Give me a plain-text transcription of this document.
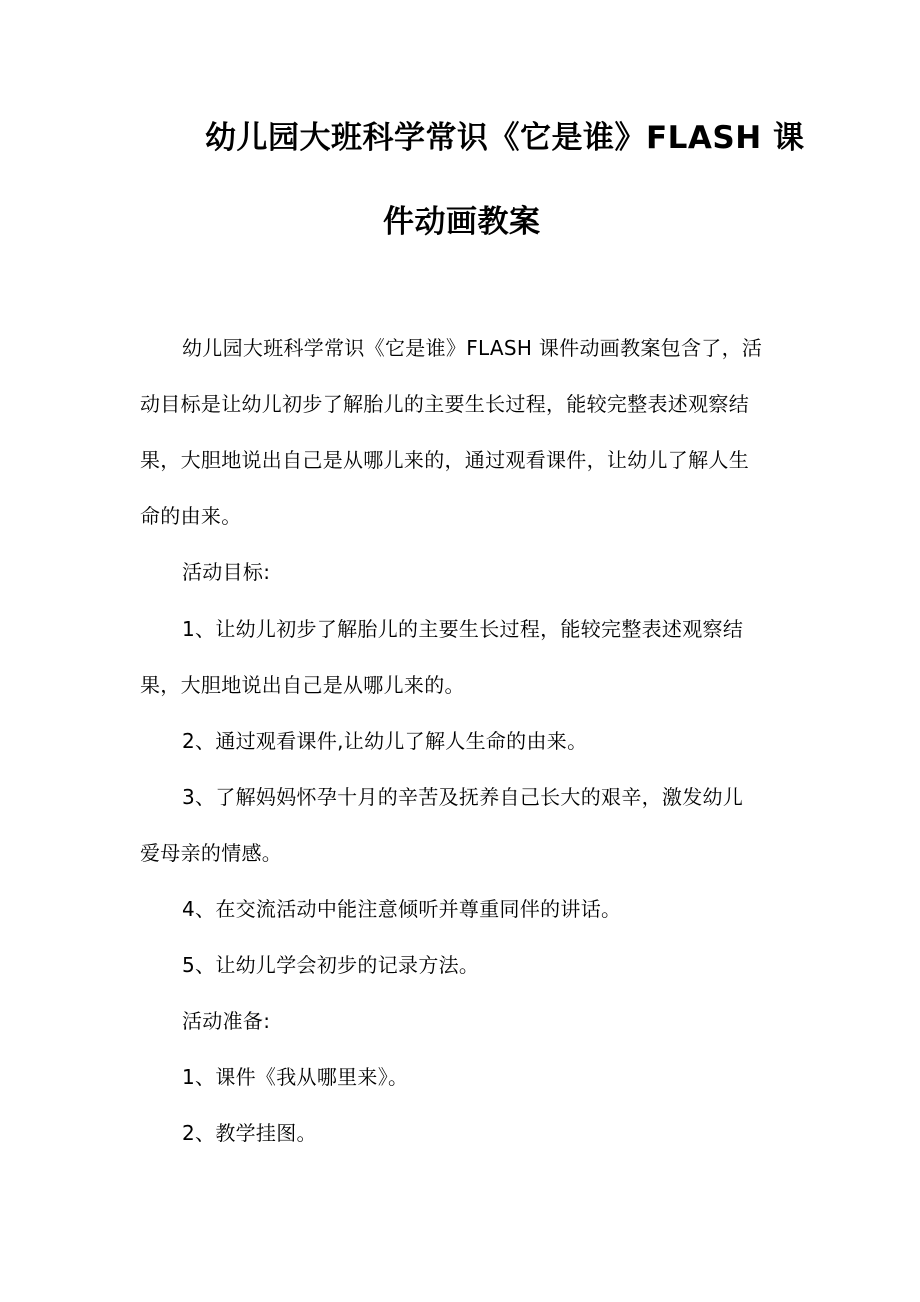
幼儿园大班科学常识《它是谁》FLASH 课
件动画教案
幼儿园大班科学常识《它是谁》FLASH 课件动画教案包含了，活
动目标是让幼儿初步了解胎儿的主要生长过程，能较完整表述观察结
果，大胆地说出自己是从哪儿来的，通过观看课件，让幼儿了解人生
命的由来。
活动目标:
1、让幼儿初步了解胎儿的主要生长过程，能较完整表述观察结
果，大胆地说出自己是从哪儿来的。
2、通过观看课件,让幼儿了解人生命的由来。
3、了解妈妈怀孕十月的辛苦及抚养自己长大的艰辛，激发幼儿
爱母亲的情感。
4、在交流活动中能注意倾听并尊重同伴的讲话。
5、让幼儿学会初步的记录方法。
活动准备:
1、课件《我从哪里来》。
2、教学挂图。
